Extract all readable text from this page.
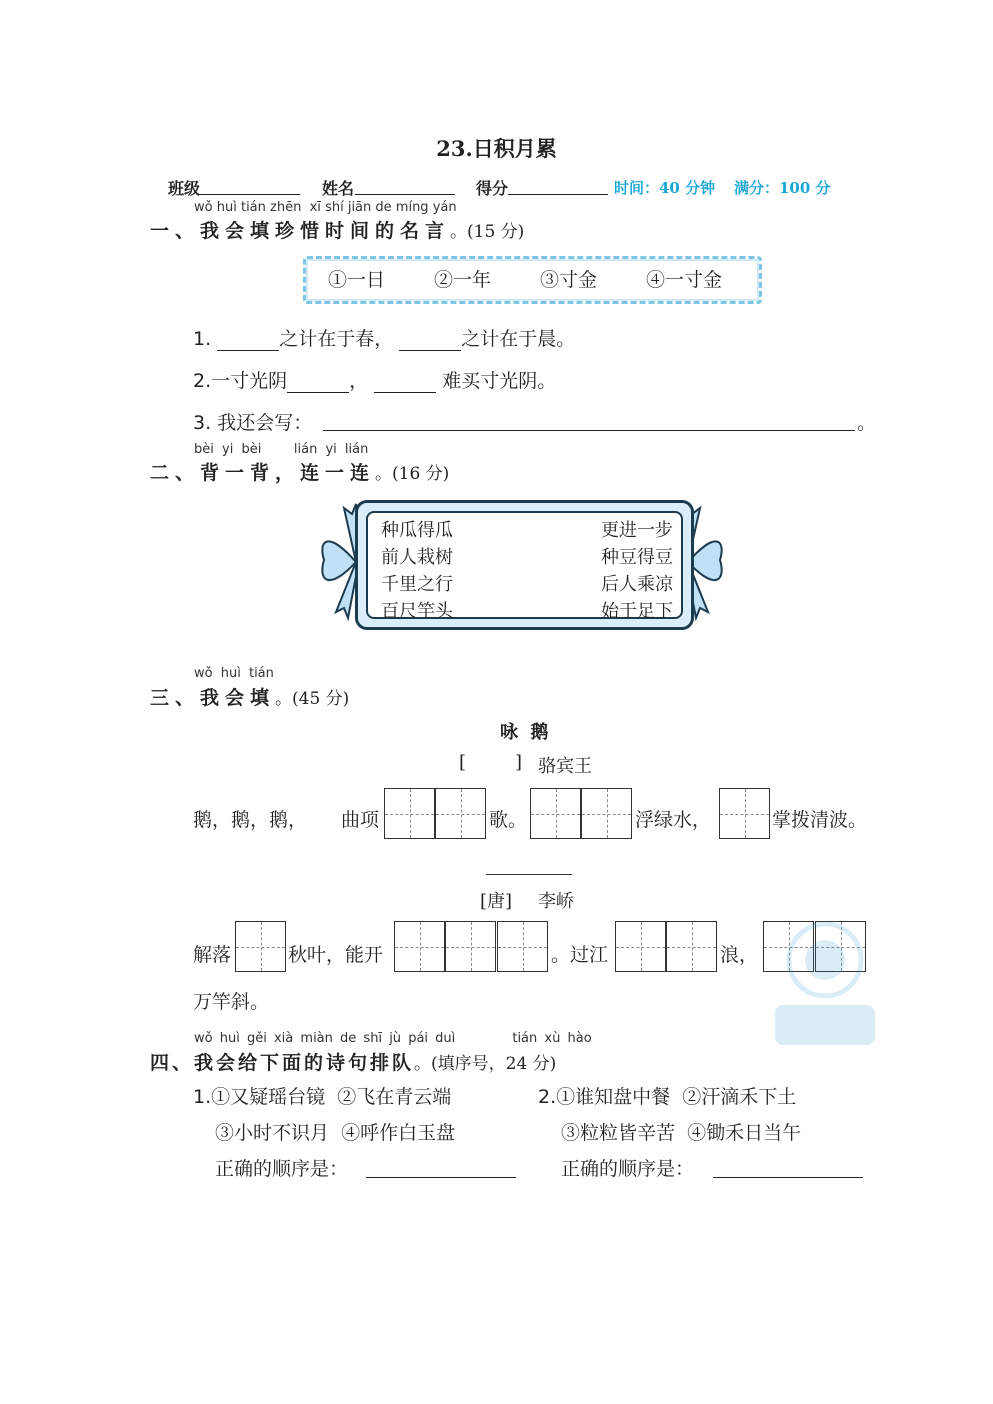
23.日积月累
班级	姓名	得分	时间：40 分钟 满分：100 分
wǒ huì tián zhēn xī shí jiān de míng yán
一、我会填珍惜时间的名言。(15 分)
①一日	②一年	③寸金	④一寸金
1.	之计在于春，	之计在于晨。
2.一寸光阴	，	难买寸光阴。
3. 我还会写：	。
bèi yi bèi	lián yi lián
二、背一背，连一连。(16 分)
种瓜得瓜
前人栽树
千里之行
百尺竿头
更进一步
种豆得豆
后人乘凉
始于足下
wǒ huì tián
三、我会填。(45 分)
咏  鹅
[	] 骆宾王
鹅，鹅，鹅， 曲项	歌。	浮绿水，	掌拨清波。
[唐] 李峤
解落	秋叶，能开	。过江	浪，
万竿斜。
wǒ huì gěi xià miàn de shī jù pái duì	tián xù hào
四、我会给下面的诗句排队。(填序号，24 分)
1.①又疑瑶台镜 ②飞在青云端
③小时不识月 ④呼作白玉盘
正确的顺序是：
2.①谁知盘中餐 ②汗滴禾下土
③粒粒皆辛苦 ④锄禾日当午
正确的顺序是：
